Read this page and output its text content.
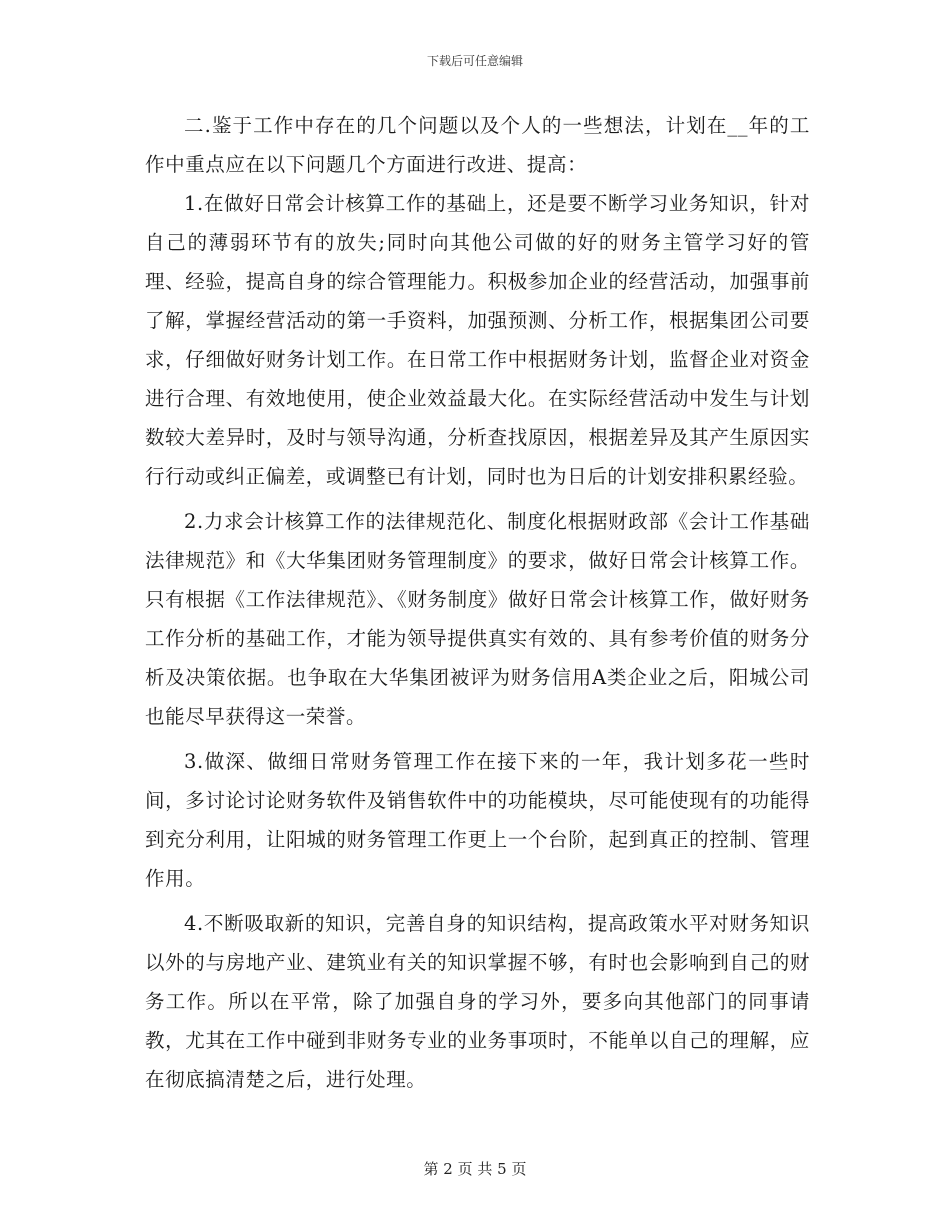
下载后可任意编辑

二.鉴于工作中存在的几个问题以及个人的一些想法，计划在__年的工作中重点应在以下问题几个方面进行改进、提高：

1.在做好日常会计核算工作的基础上，还是要不断学习业务知识，针对自己的薄弱环节有的放失;同时向其他公司做的好的财务主管学习好的管理、经验，提高自身的综合管理能力。积极参加企业的经营活动，加强事前了解，掌握经营活动的第一手资料，加强预测、分析工作，根据集团公司要求，仔细做好财务计划工作。在日常工作中根据财务计划，监督企业对资金进行合理、有效地使用，使企业效益最大化。在实际经营活动中发生与计划数较大差异时，及时与领导沟通，分析查找原因，根据差异及其产生原因实行行动或纠正偏差，或调整已有计划，同时也为日后的计划安排积累经验。

2.力求会计核算工作的法律规范化、制度化根据财政部《会计工作基础法律规范》和《大华集团财务管理制度》的要求，做好日常会计核算工作。只有根据《工作法律规范》、《财务制度》做好日常会计核算工作，做好财务工作分析的基础工作，才能为领导提供真实有效的、具有参考价值的财务分析及决策依据。也争取在大华集团被评为财务信用A类企业之后，阳城公司也能尽早获得这一荣誉。

3.做深、做细日常财务管理工作在接下来的一年，我计划多花一些时间，多讨论讨论财务软件及销售软件中的功能模块，尽可能使现有的功能得到充分利用，让阳城的财务管理工作更上一个台阶，起到真正的控制、管理作用。

4.不断吸取新的知识，完善自身的知识结构，提高政策水平对财务知识以外的与房地产业、建筑业有关的知识掌握不够，有时也会影响到自己的财务工作。所以在平常，除了加强自身的学习外，要多向其他部门的同事请教，尤其在工作中碰到非财务专业的业务事项时，不能单以自己的理解，应在彻底搞清楚之后，进行处理。

第 2 页 共 5 页
